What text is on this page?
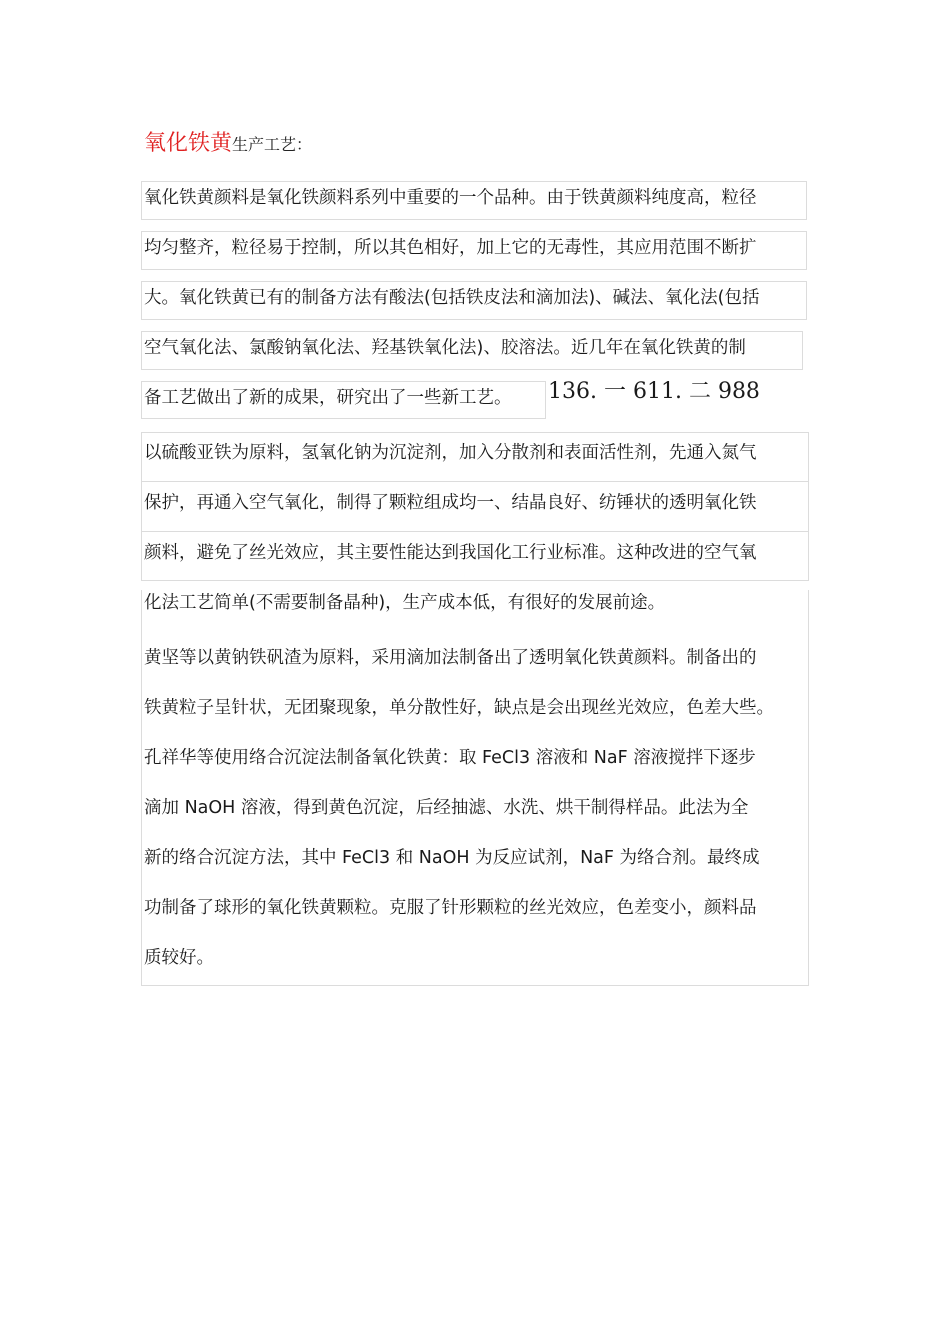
氧化铁黄生产工艺：
氧化铁黄颜料是氧化铁颜料系列中重要的一个品种。由于铁黄颜料纯度高，粒径
均匀整齐，粒径易于控制，所以其色相好，加上它的无毒性，其应用范围不断扩
大。氧化铁黄已有的制备方法有酸法(包括铁皮法和滴加法)、碱法、氧化法(包括
空气氧化法、氯酸钠氧化法、羟基铁氧化法)、胶溶法。近几年在氧化铁黄的制
备工艺做出了新的成果，研究出了一些新工艺。 136. 一 611. 二 988
以硫酸亚铁为原料，氢氧化钠为沉淀剂，加入分散剂和表面活性剂，先通入氮气
保护，再通入空气氧化，制得了颗粒组成均一、结晶良好、纺锤状的透明氧化铁
颜料，避免了丝光效应，其主要性能达到我国化工行业标准。这种改进的空气氧
化法工艺简单(不需要制备晶种)，生产成本低，有很好的发展前途。
黄坚等以黄钠铁矾渣为原料，采用滴加法制备出了透明氧化铁黄颜料。制备出的
铁黄粒子呈针状，无团聚现象，单分散性好，缺点是会出现丝光效应，色差大些。
孔祥华等使用络合沉淀法制备氧化铁黄：取 FeCl3 溶液和 NaF 溶液搅拌下逐步
滴加 NaOH 溶液，得到黄色沉淀，后经抽滤、水洗、烘干制得样品。此法为全
新的络合沉淀方法，其中 FeCl3 和 NaOH 为反应试剂，NaF 为络合剂。最终成
功制备了球形的氧化铁黄颗粒。克服了针形颗粒的丝光效应，色差变小，颜料品
质较好。
